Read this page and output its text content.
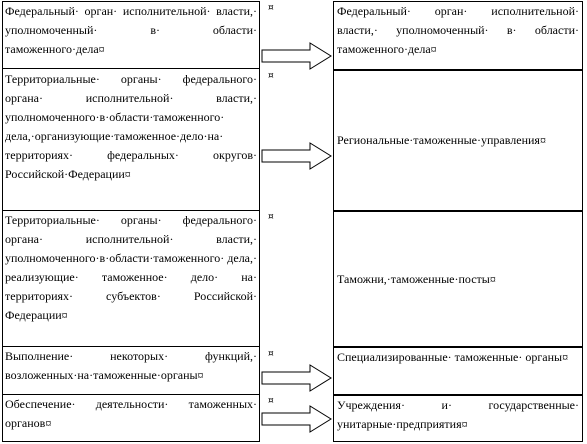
Федеральный· орган· исполнительной· власти,· уполномоченный· в· области· таможенного·дела¤
Территориальные· органы· федерального· органа· исполнительной· власти,· уполномоченного·в·области·таможенного· дела,·организующие·таможенное·дело·на· территориях· федеральных· округов· Российской·Федерации¤
Территориальные· органы· федерального· органа· исполнительной· власти,· уполномоченного·в·области·таможенного· дела,· реализующие· таможенное· дело· на· территориях· субъектов· Российской· Федерации¤
Выполнение· некоторых· функций,· возложенных·на·таможенные·органы¤
Обеспечение· деятельности· таможенных· органов¤
¤
¤
¤
¤
¤
Федеральный· орган· исполнительной· власти,· уполномоченный· в· области· таможенного·дела¤
Региональные·таможенные·управления¤
Таможни,·таможенные·посты¤
Специализированные· таможенные· органы¤
Учреждения· и· государственные· унитарные·предприятия¤
